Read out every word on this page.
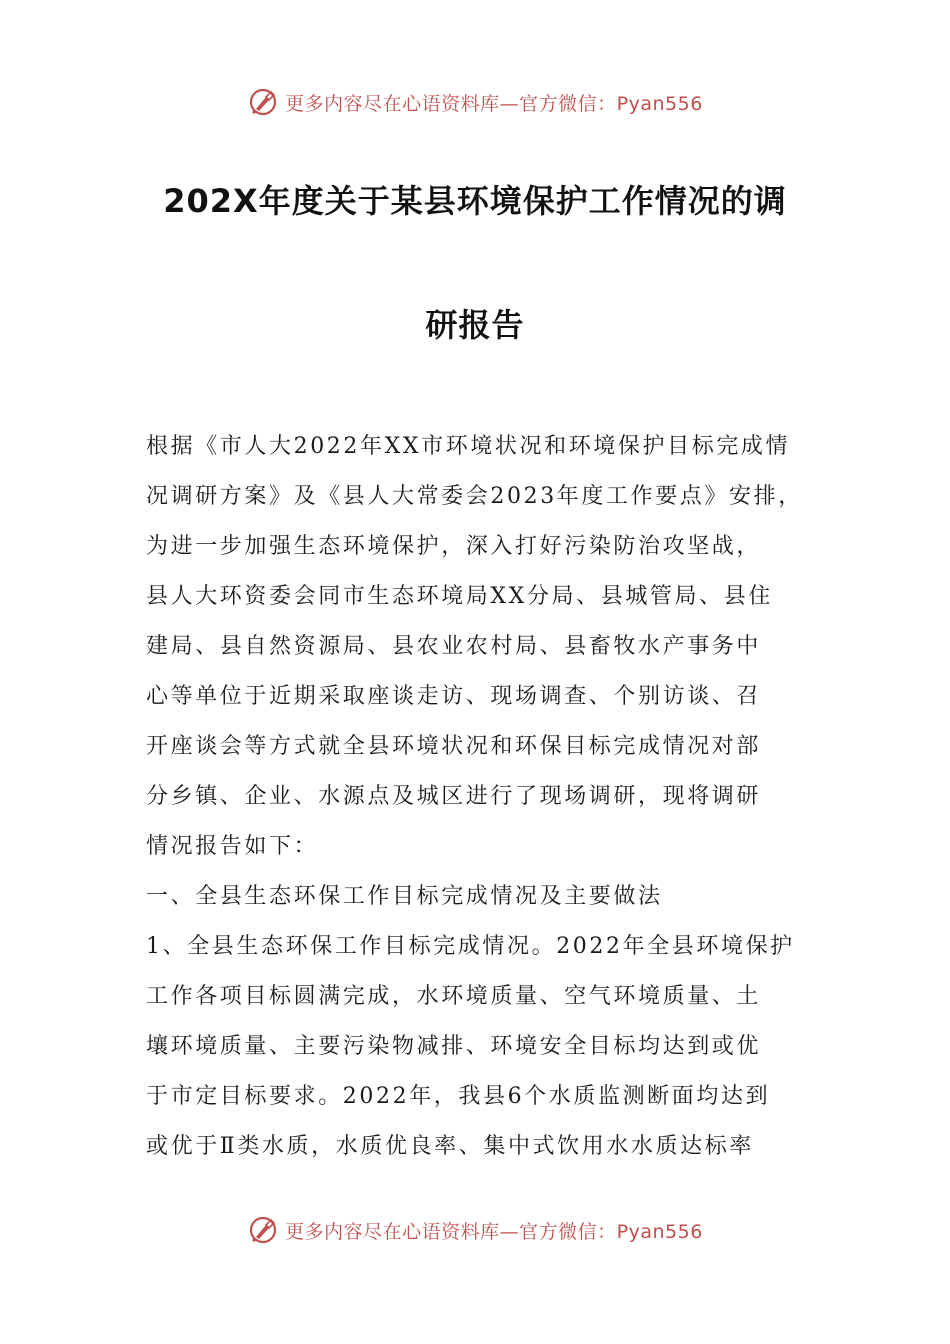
更多内容尽在心语资料库—官方微信：Pyan556
202X年度关于某县环境保护工作情况的调
研报告
根据《市人大2022年XX市环境状况和环境保护目标完成情
况调研方案》及《县人大常委会2023年度工作要点》安排，
为进一步加强生态环境保护，深入打好污染防治攻坚战，
县人大环资委会同市生态环境局XX分局、县城管局、县住
建局、县自然资源局、县农业农村局、县畜牧水产事务中
心等单位于近期采取座谈走访、现场调查、个别访谈、召
开座谈会等方式就全县环境状况和环保目标完成情况对部
分乡镇、企业、水源点及城区进行了现场调研，现将调研
情况报告如下：
一、全县生态环保工作目标完成情况及主要做法
1、全县生态环保工作目标完成情况。2022年全县环境保护
工作各项目标圆满完成，水环境质量、空气环境质量、土
壤环境质量、主要污染物减排、环境安全目标均达到或优
于市定目标要求。2022年，我县6个水质监测断面均达到
或优于Ⅱ类水质，水质优良率、集中式饮用水水质达标率
更多内容尽在心语资料库—官方微信：Pyan556
